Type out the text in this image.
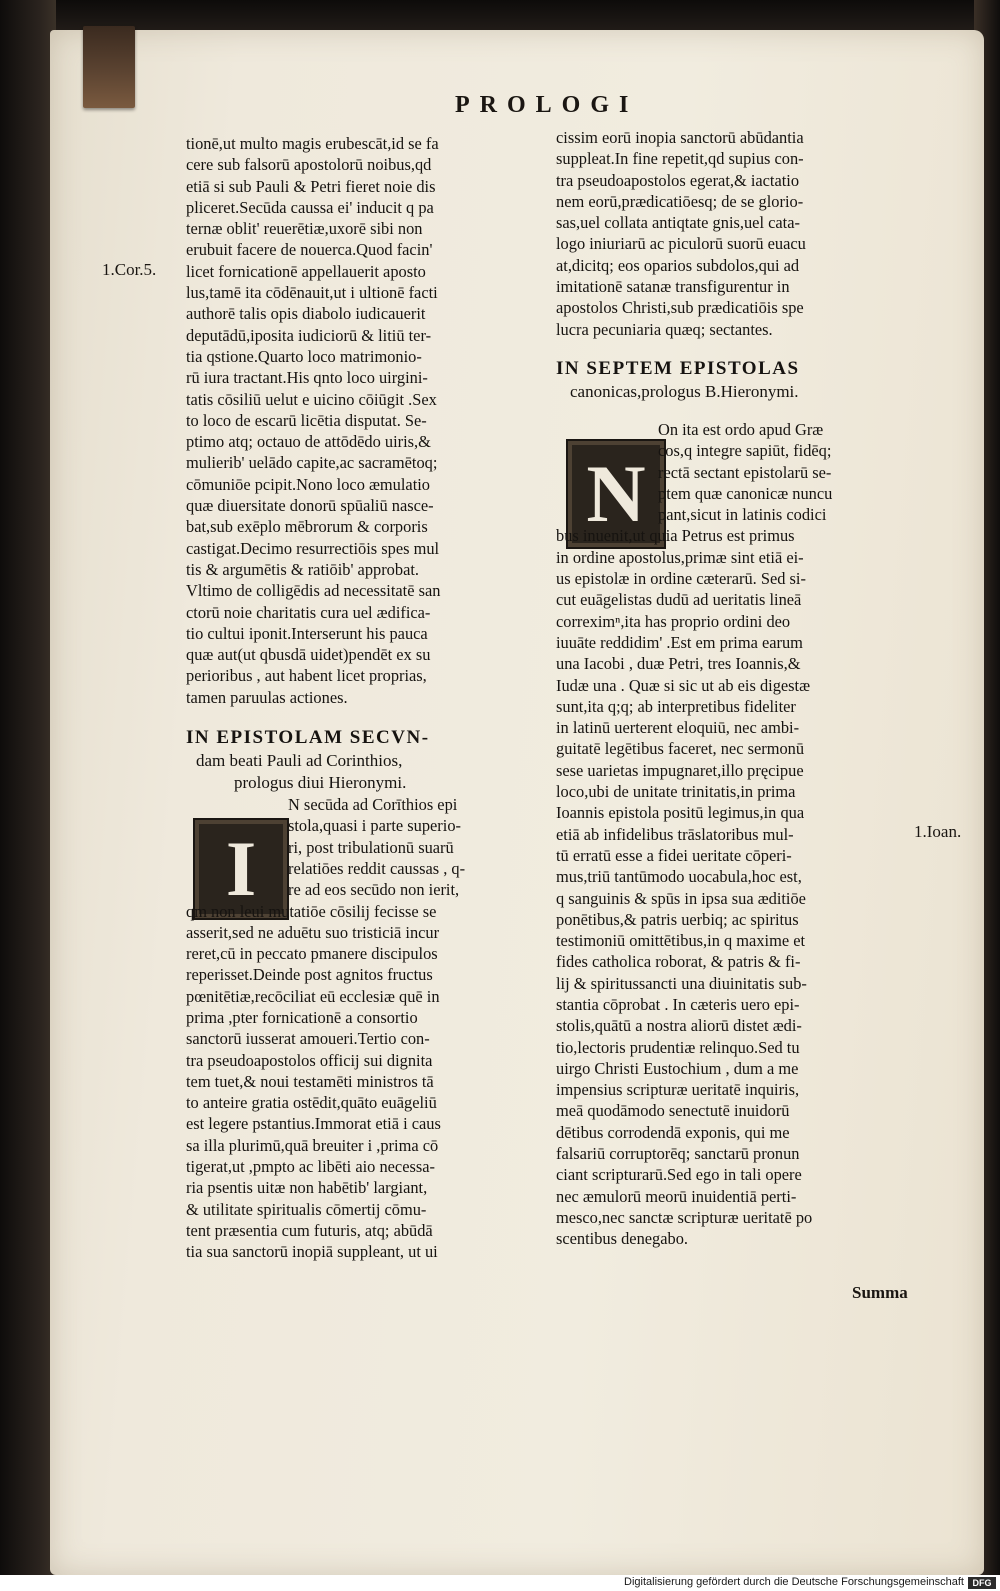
PROLOGI
1.Cor.5.
1.Ioan.
I
N
tionē,ut multo magis erubescāt,id se fa
cere sub falsorū apostolorū noibus,qd
etiā si sub Pauli & Petri fieret noie dis
pliceret.Secūda caussa ei' inducit q pa
ternæ oblit' reuerētiæ,uxorē sibi non
erubuit facere de nouerca.Quod facin'
licet fornicationē appellauerit aposto
lus,tamē ita cōdēnauit,ut i ultionē facti
authorē talis opis diabolo iudicauerit
deputādū,iposita iudiciorū & litiū ter-
tia qstione.Quarto loco matrimonio-
rū iura tractant.His qnto loco uirgini-
tatis cōsiliū uelut e uicino cōiūgit .Sex
to loco de escarū licētia disputat. Se-
ptimo atq; octauo de attōdēdo uiris,&
mulierib' uelādo capite,ac sacramētoq;
cōmuniōe pcipit.Nono loco æmulatio
quæ diuersitate donorū spūaliū nasce-
bat,sub exēplo mēbrorum & corporis
castigat.Decimo resurrectiōis spes mul
tis & argumētis & ratiōib' approbat.
Vltimo de colligēdis ad necessitatē san
ctorū noie charitatis cura uel ædifica-
tio cultui iponit.Interserunt his pauca
quæ aut(ut qbusdā uidet)pendēt ex su
perioribus , aut habent licet proprias,
tamen paruulas actiones.
IN EPISTOLAM SECVN-
dam beati Pauli ad Corinthios,
prologus diui Hieronymi.
N secūda ad Corīthios epi
stola,quasi i parte superio-
ri, post tribulationū suarū
relatiōes reddit caussas , q-
re ad eos secūdo non ierit,
qm non leui mutatiōe cōsilij fecisse se
asserit,sed ne aduētu suo tristiciā incur
reret,cū in peccato pmanere discipulos
reperisset.Deinde post agnitos fructus
pœnitētiæ,recōciliat eū ecclesiæ quē in
prima ,pter fornicationē a consortio
sanctorū iusserat amoueri.Tertio con-
tra pseudoapostolos officij sui dignita
tem tuet,& noui testamēti ministros tā
to anteire gratia ostēdit,quāto euāgeliū
est legere pstantius.Immorat etiā i caus
sa illa plurimū,quā breuiter i ,prima cō
tigerat,ut ,pmpto ac libēti aio necessa-
ria psentis uitæ non habētib' largiant,
& utilitate spiritualis cōmertij cōmu-
tent præsentia cum futuris, atq; abūdā
tia sua sanctorū inopiā suppleant, ut ui
cissim eorū inopia sanctorū abūdantia
suppleat.In fine repetit,qd supius con-
tra pseudoapostolos egerat,& iactatio
nem eorū,prædicatiōesq; de se glorio-
sas,uel collata antiqtate gnis,uel cata-
logo iniuriarū ac piculorū suorū euacu
at,dicitq; eos oparios subdolos,qui ad
imitationē satanæ transfigurentur in
apostolos Christi,sub prædicatiōis spe
lucra pecuniaria quæq; sectantes.
IN SEPTEM EPISTOLAS
canonicas,prologus B.Hieronymi.
On ita est ordo apud Græ
cos,q integre sapiūt, fidēq;
rectā sectant epistolarū se-
ptem quæ canonicæ nuncu
pant,sicut in latinis codici
bus inuenit,ut quia Petrus est primus
in ordine apostolus,primæ sint etiā ei-
us epistolæ in ordine cæterarū. Sed si-
cut euāgelistas dudū ad ueritatis lineā
correximⁿ,ita has proprio ordini deo
iuuāte reddidim' .Est em prima earum
una Iacobi , duæ Petri, tres Ioannis,&
Iudæ una . Quæ si sic ut ab eis digestæ
sunt,ita q;q; ab interpretibus fideliter
in latinū uerterent eloquiū, nec ambi-
guitatē legētibus faceret, nec sermonū
sese uarietas impugnaret,illo pręcipue
loco,ubi de unitate trinitatis,in prima
Ioannis epistola positū legimus,in qua
etiā ab infidelibus trāslatoribus mul-
tū erratū esse a fidei ueritate cōperi-
mus,triū tantūmodo uocabula,hoc est,
q sanguinis & spūs in ipsa sua æditiōe
ponētibus,& patris uerbiq; ac spiritus
testimoniū omittētibus,in q maxime et
fides catholica roborat, & patris & fi-
lij & spiritussancti una diuinitatis sub-
stantia cōprobat . In cæteris uero epi-
stolis,quātū a nostra aliorū distet ædi-
tio,lectoris prudentiæ relinquo.Sed tu
uirgo Christi Eustochium , dum a me
impensius scripturæ ueritatē inquiris,
meā quodāmodo senectutē inuidorū
dētibus corrodendā exponis, qui me
falsariū corruptorēq; sanctarū pronun
ciant scripturarū.Sed ego in tali opere
nec æmulorū meorū inuidentiā perti-
mesco,nec sanctæ scripturæ ueritatē po
scentibus denegabo.
Summa
Digitalisierung gefördert durch die Deutsche Forschungsgemeinschaft DFG
